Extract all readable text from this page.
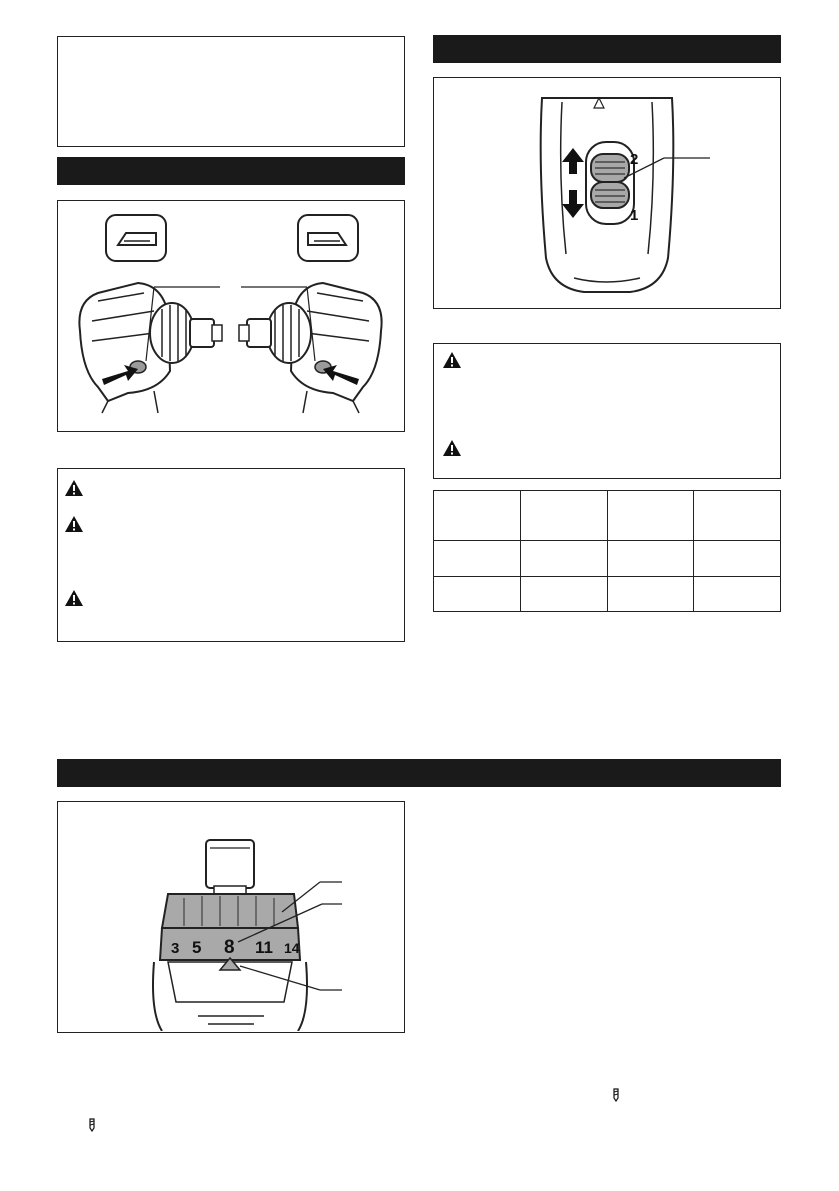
2
1

3 5 8 11 14
